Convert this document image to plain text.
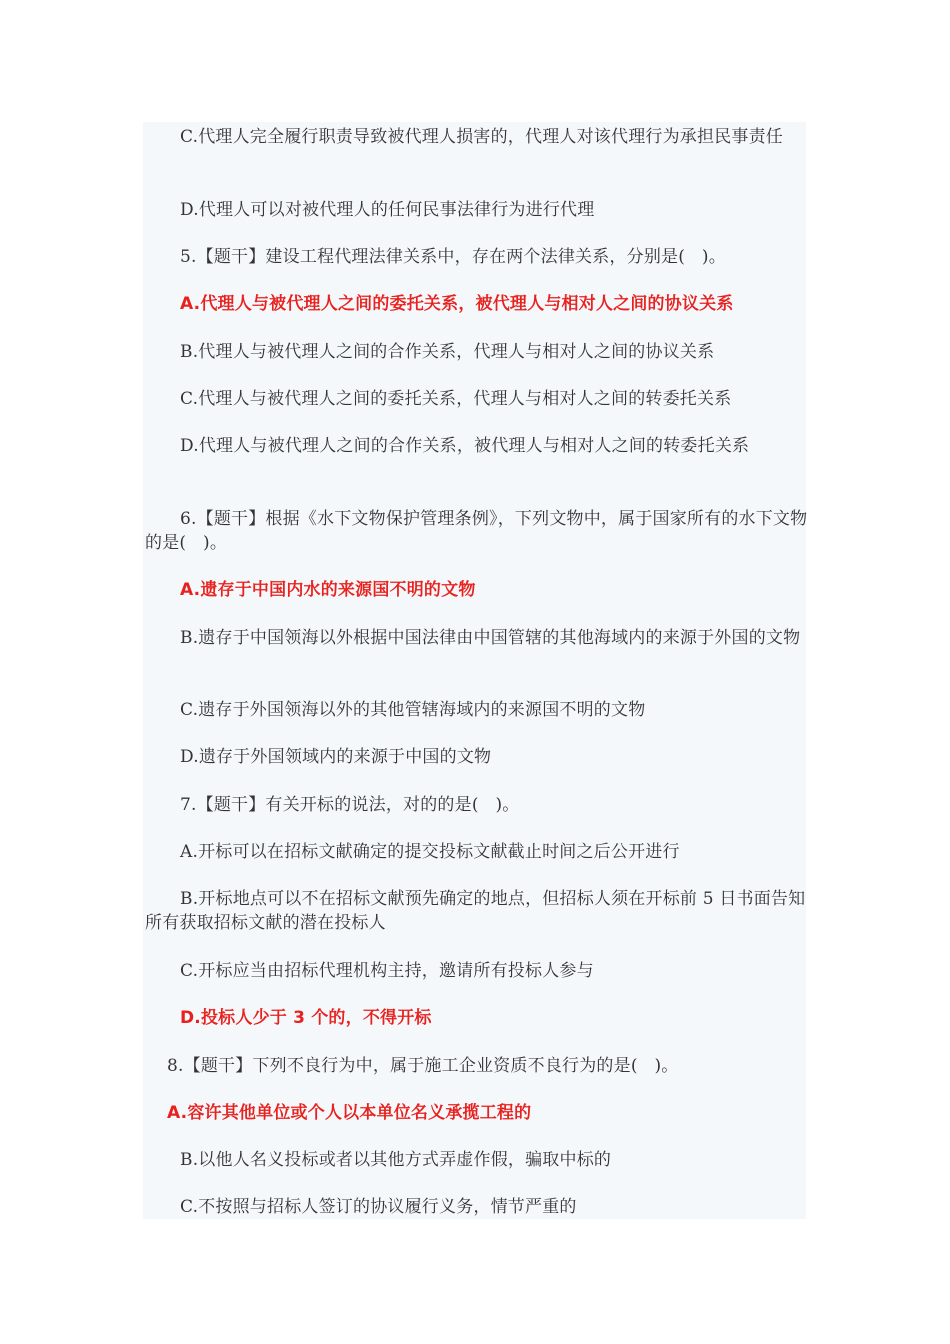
C.代理人完全履行职责导致被代理人损害的，代理人对该代理行为承担民事责任

D.代理人可以对被代理人的任何民事法律行为进行代理

5.【题干】建设工程代理法律关系中，存在两个法律关系，分别是(   )。

A.代理人与被代理人之间的委托关系，被代理人与相对人之间的协议关系

B.代理人与被代理人之间的合作关系，代理人与相对人之间的协议关系

C.代理人与被代理人之间的委托关系，代理人与相对人之间的转委托关系

D.代理人与被代理人之间的合作关系，被代理人与相对人之间的转委托关系

6.【题干】根据《水下文物保护管理条例》，下列文物中，属于国家所有的水下文物的是(   )。

A.遗存于中国内水的来源国不明的文物

B.遗存于中国领海以外根据中国法律由中国管辖的其他海域内的来源于外国的文物

C.遗存于外国领海以外的其他管辖海域内的来源国不明的文物

D.遗存于外国领域内的来源于中国的文物

7.【题干】有关开标的说法，对的的是(   )。

A.开标可以在招标文献确定的提交投标文献截止时间之后公开进行

B.开标地点可以不在招标文献预先确定的地点，但招标人须在开标前 5 日书面告知所有获取招标文献的潜在投标人

C.开标应当由招标代理机构主持，邀请所有投标人参与

D.投标人少于 3 个的，不得开标

8.【题干】下列不良行为中，属于施工企业资质不良行为的是(   )。

A.容许其他单位或个人以本单位名义承揽工程的

B.以他人名义投标或者以其他方式弄虚作假，骗取中标的

C.不按照与招标人签订的协议履行义务，情节严重的
